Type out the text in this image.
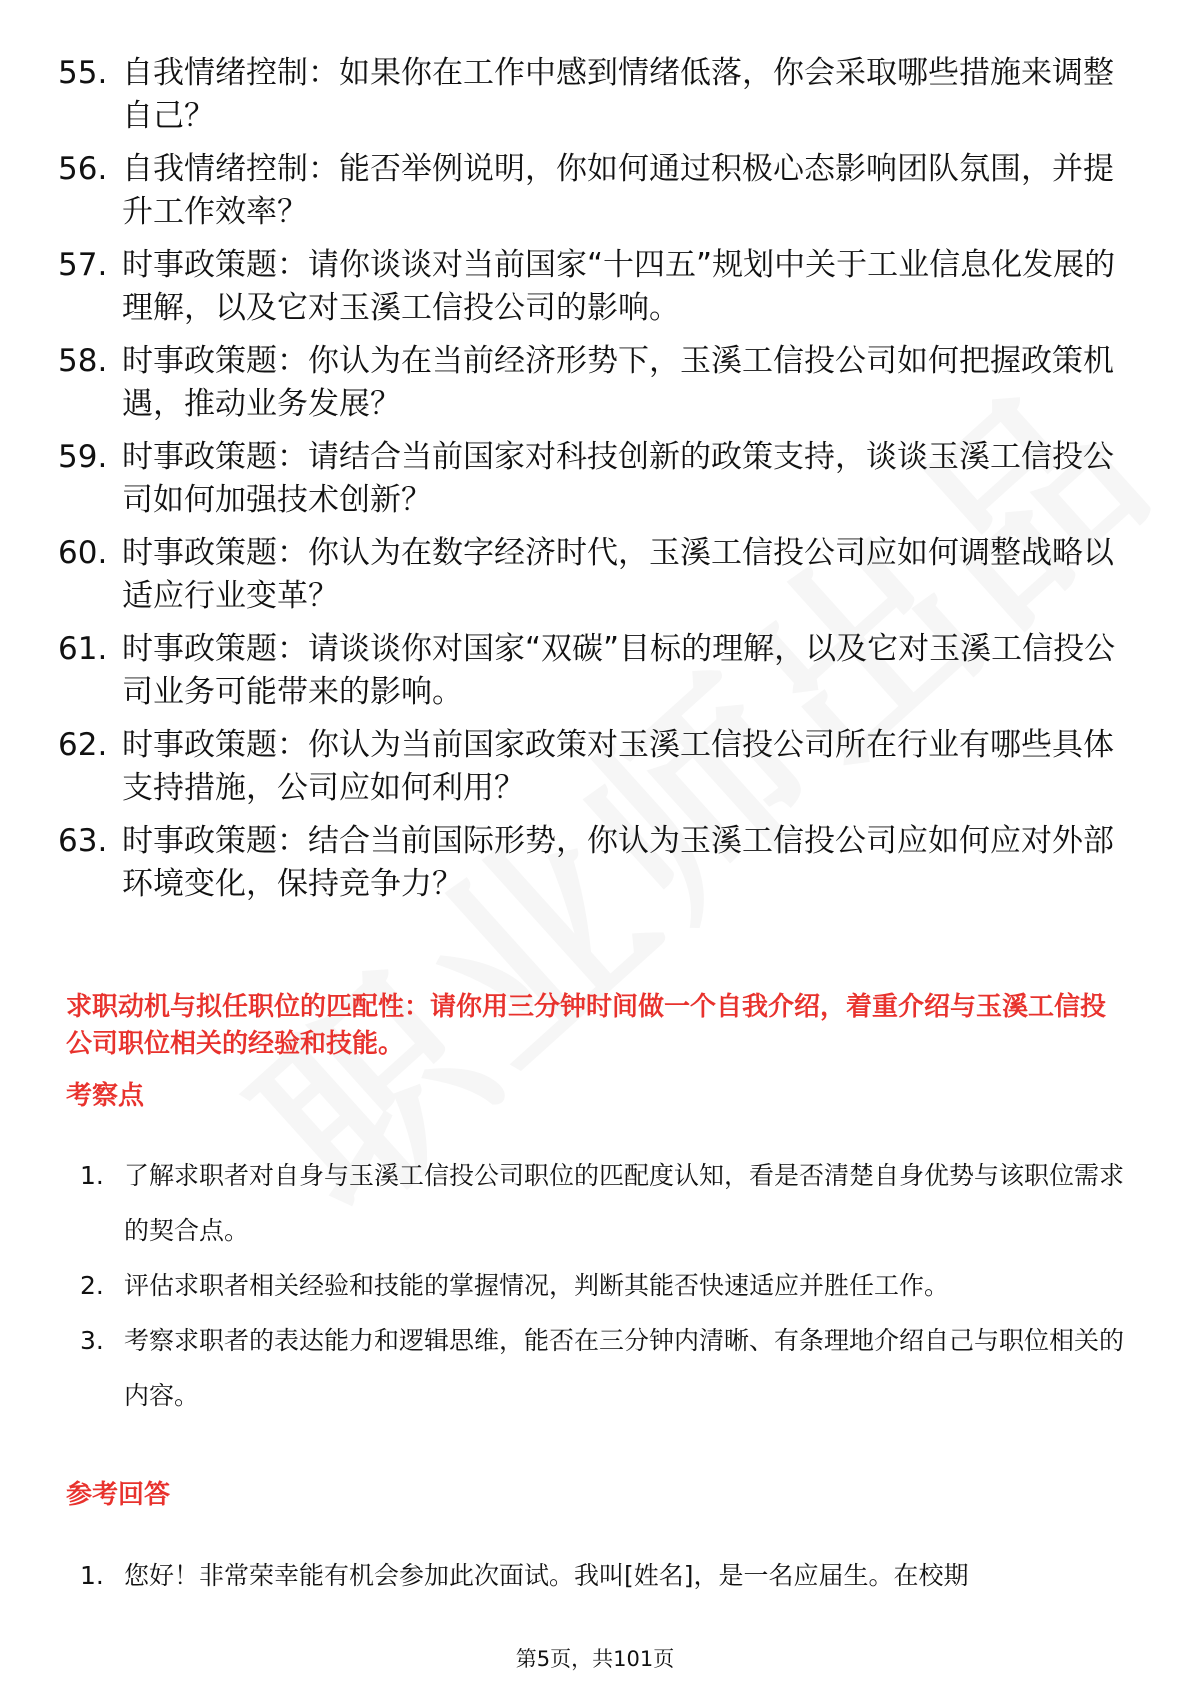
55. 自我情绪控制：如果你在工作中感到情绪低落，你会采取哪些措施来调整自己？
56. 自我情绪控制：能否举例说明，你如何通过积极心态影响团队氛围，并提升工作效率？
57. 时事政策题：请你谈谈对当前国家“十四五”规划中关于工业信息化发展的理解，以及它对玉溪工信投公司的影响。
58. 时事政策题：你认为在当前经济形势下，玉溪工信投公司如何把握政策机遇，推动业务发展？
59. 时事政策题：请结合当前国家对科技创新的政策支持，谈谈玉溪工信投公司如何加强技术创新？
60. 时事政策题：你认为在数字经济时代，玉溪工信投公司应如何调整战略以适应行业变革？
61. 时事政策题：请谈谈你对国家“双碳”目标的理解，以及它对玉溪工信投公司业务可能带来的影响。
62. 时事政策题：你认为当前国家政策对玉溪工信投公司所在行业有哪些具体支持措施，公司应如何利用？
63. 时事政策题：结合当前国际形势，你认为玉溪工信投公司应如何应对外部环境变化，保持竞争力？
求职动机与拟任职位的匹配性：请你用三分钟时间做一个自我介绍，着重介绍与玉溪工信投公司职位相关的经验和技能。
考察点
1. 了解求职者对自身与玉溪工信投公司职位的匹配度认知，看是否清楚自身优势与该职位需求的契合点。
2. 评估求职者相关经验和技能的掌握情况，判断其能否快速适应并胜任工作。
3. 考察求职者的表达能力和逻辑思维，能否在三分钟内清晰、有条理地介绍自己与职位相关的内容。
参考回答
1. 您好！非常荣幸能有机会参加此次面试。我叫[姓名]，是一名应届生。在校期
第5页，共101页
